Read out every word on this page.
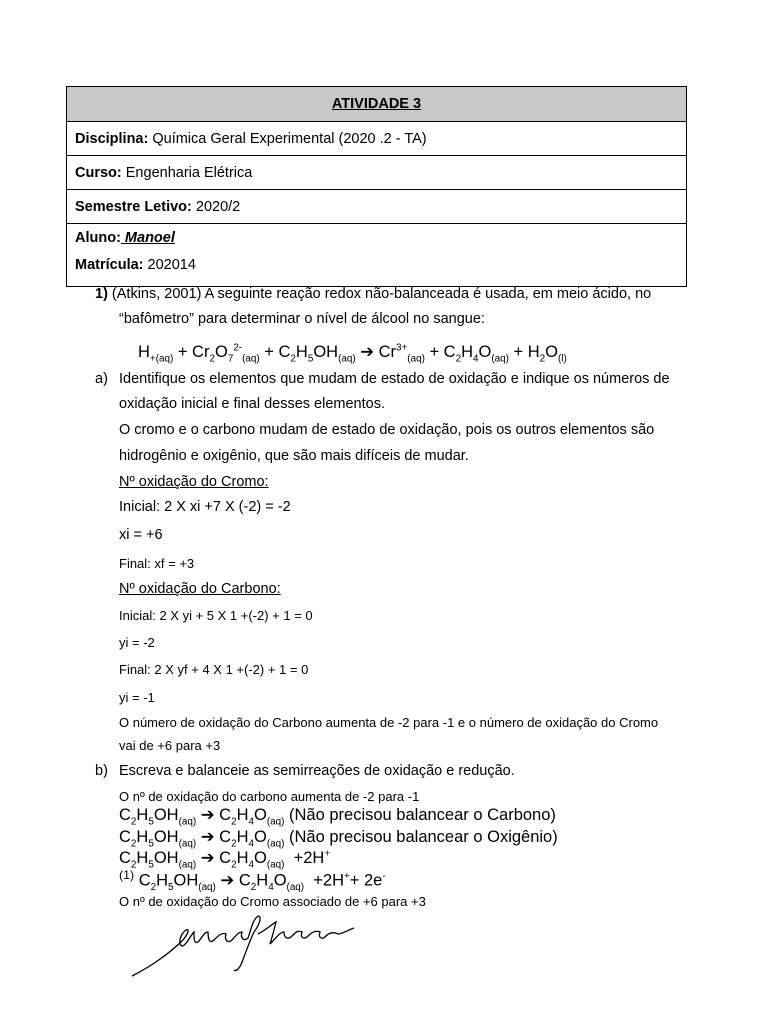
ATIVIDADE 3
Disciplina: Química Geral Experimental (2020 .2 - TA)
Curso: Engenharia Elétrica
Semestre Letivo: 2020/2

Aluno: Manoel
Matrícula: 202014
1) (Atkins, 2001) A seguinte reação redox não-balanceada é usada, em meio ácido, no
“bafômetro” para determinar o nível de álcool no sangue:
$H_{+(aq)} + Cr_2O_7^{2-}_{(aq)} + C_2H_5OH_{(aq)}$ ➔ $Cr^{3+}_{(aq)} + C_2H_4O_{(aq)} + H_2O_{(l)}$
a) Identifique os elementos que mudam de estado de oxidação e indique os números de
oxidação inicial e final desses elementos.
O cromo e o carbono mudam de estado de oxidação, pois os outros elementos são
hidrogênio e oxigênio, que são mais difíceis de mudar.
Nº oxidação do Cromo:
Inicial: 2 X xi +7 X (-2) = -2
xi = +6
Final: xf = +3
Nº oxidação do Carbono:
Inicial: 2 X yi + 5 X 1 +(-2) + 1 = 0
yi = -2
Final: 2 X yf + 4 X 1 +(-2) + 1 = 0
yi = -1
O número de oxidação do Carbono aumenta de -2 para -1 e o número de oxidação do Cromo
vai de +6 para +3
b) Escreva e balanceie as semirreações de oxidação e redução.
O nº de oxidação do carbono aumenta de -2 para -1
$C_2H_5OH_{(aq)}$ ➔ $C_2H_4O_{(aq)}$ (Não precisou balancear o Carbono)
$C_2H_5OH_{(aq)}$ ➔ $C_2H_4O_{(aq)}$ (Não precisou balancear o Oxigênio)
$C_2H_5OH_{(aq)}$ ➔ $C_2H_4O_{(aq)} +2H^+$
$^{(1)}$ $C_2H_5OH_{(aq)}$ ➔ $C_2H_4O_{(aq)} +2H^++ 2e^-$
O nº de oxidação do Cromo associado de +6 para +3
